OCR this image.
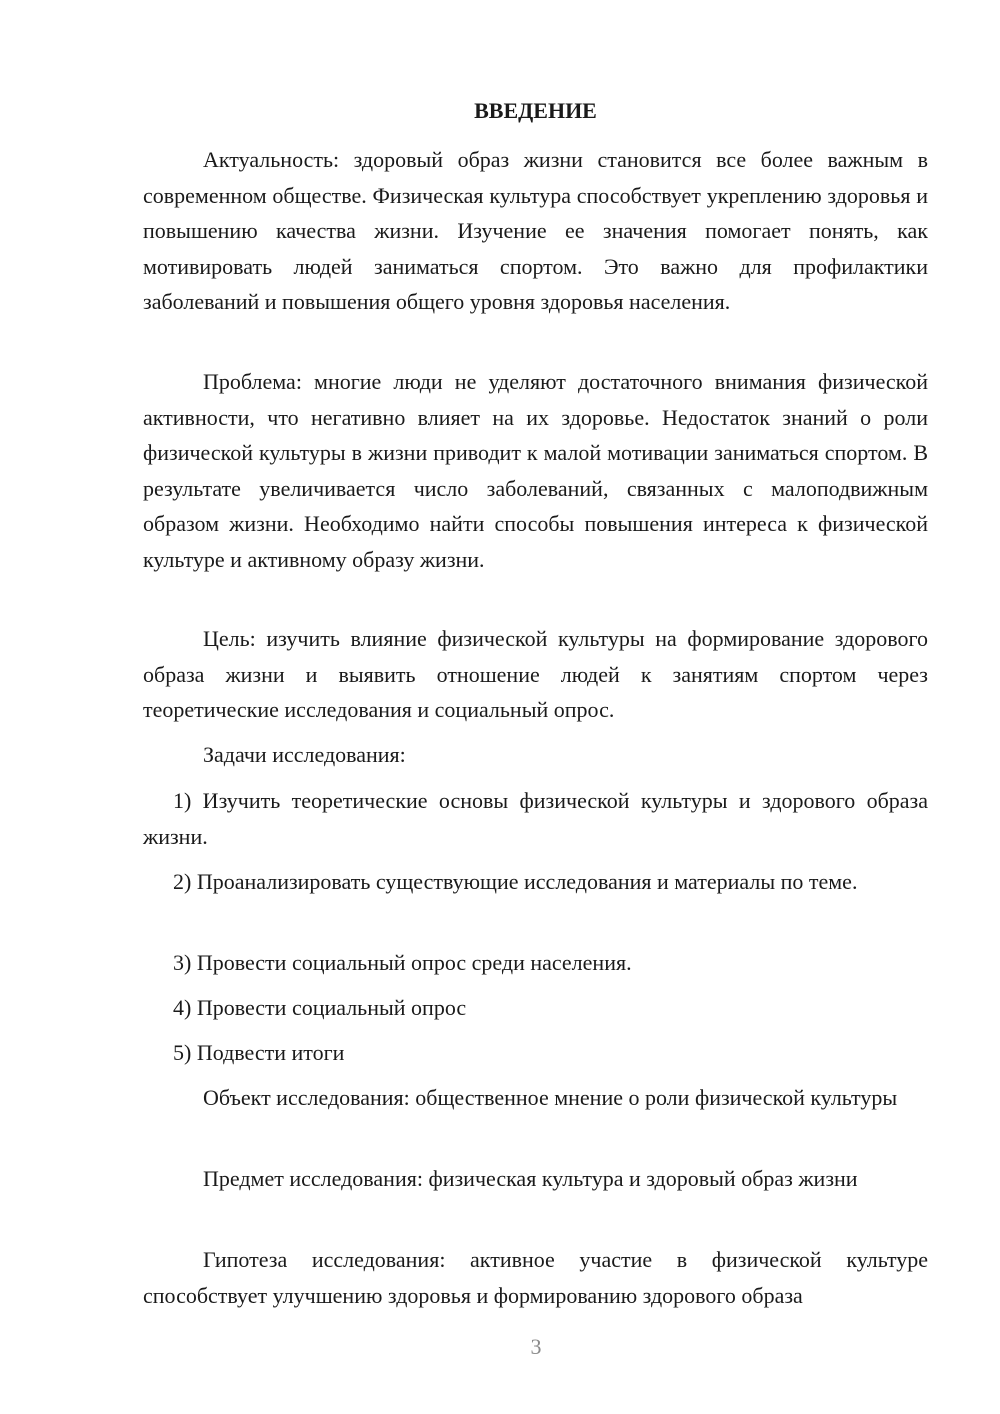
ВВЕДЕНИЕ

Актуальность: здоровый образ жизни становится все более важным в современном обществе. Физическая культура способствует укреплению здоровья и повышению качества жизни. Изучение ее значения помогает понять, как мотивировать людей заниматься спортом. Это важно для профилактики заболеваний и повышения общего уровня здоровья населения.

Проблема: многие люди не уделяют достаточного внимания физической активности, что негативно влияет на их здоровье. Недостаток знаний о роли физической культуры в жизни приводит к малой мотивации заниматься спортом. В результате увеличивается число заболеваний, связанных с малоподвижным образом жизни. Необходимо найти способы повышения интереса к физической культуре и активному образу жизни.

Цель: изучить влияние физической культуры на формирование здорового образа жизни и выявить отношение людей к занятиям спортом через теоретические исследования и социальный опрос.

Задачи исследования:

1) Изучить теоретические основы физической культуры и здорового образа жизни.

2) Проанализировать существующие исследования и материалы по теме.

3) Провести социальный опрос среди населения.

4) Провести социальный опрос

5) Подвести итоги

Объект исследования: общественное мнение о роли физической культуры

Предмет исследования: физическая культура и здоровый образ жизни

Гипотеза исследования: активное участие в физической культуре способствует улучшению здоровья и формированию здорового образа

3
